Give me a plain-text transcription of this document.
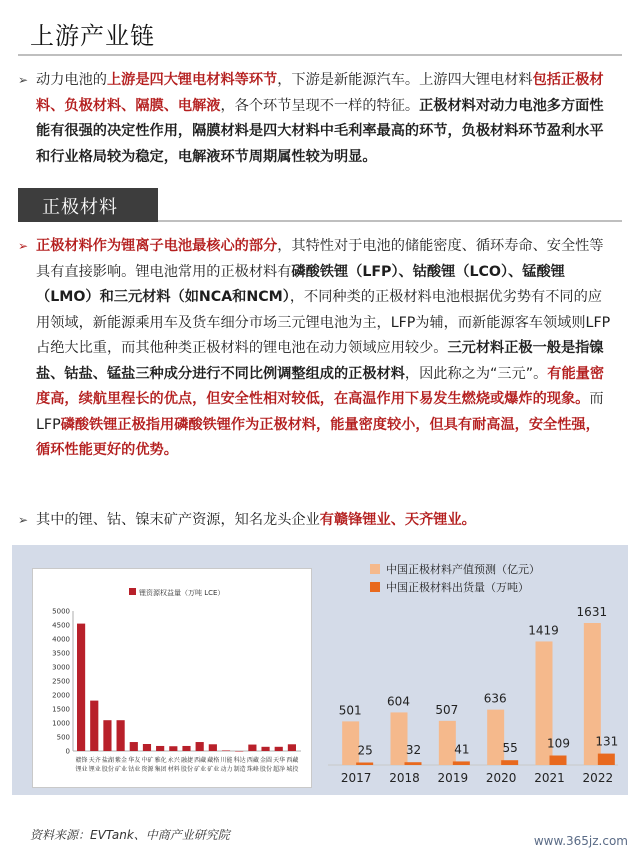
上游产业链
➢ 动力电池的上游是四大锂电材料等环节，下游是新能源汽车。上游四大锂电材料包括正极材料、负极材料、隔膜、电解液，各个环节呈现不一样的特征。正极材料对动力电池多方面性能有很强的决定性作用，隔膜材料是四大材料中毛利率最高的环节，负极材料环节盈利水平和行业格局较为稳定，电解液环节周期属性较为明显。
正极材料
➢ 正极材料作为锂离子电池最核心的部分，其特性对于电池的储能密度、循环寿命、安全性等具有直接影响。锂电池常用的正极材料有磷酸铁锂（LFP）、钴酸锂（LCO）、锰酸锂（LMO）和三元材料（如NCA和NCM），不同种类的正极材料电池根据优劣势有不同的应用领域，新能源乘用车及货车细分市场三元锂电池为主，LFP为辅，而新能源客车领域则LFP占绝大比重，而其他种类正极材料的锂电池在动力领域应用较少。三元材料正极一般是指镍盐、钴盐、锰盐三种成分进行不同比例调整组成的正极材料，因此称之为“三元”。有能量密度高，续航里程长的优点，但安全性相对较低，在高温作用下易发生燃烧或爆炸的现象。而LFP磷酸铁锂正极指用磷酸铁锂作为正极材料，能量密度较小，但具有耐高温，安全性强，循环性能更好的优势。
➢ 其中的锂、钴、镍末矿产资源，知名龙头企业有赣锋锂业、天齐锂业。
锂资源权益量（万吨 LCE）
0
500
1000
1500
2000
2500
3000
3500
4000
4500
5000
赣锋
锂业
天齐
锂业
盐湖
股份
紫金
矿业
华友
钴业
中矿
资源
雅化
集团
永兴
材料
融捷
股份
西藏
矿业
藏格
矿业
川能
动力
科达
制造
西藏
珠峰
金圆
股份
天华
超净
西藏
城投
中国正极材料产值预测（亿元）
中国正极材料出货量（万吨）
501
25
2017
604
32
2018
507
41
2019
636
55
2020
1419
109
2021
1631
131
2022
资料来源：EVTank、中商产业研究院	www.365jz.com
